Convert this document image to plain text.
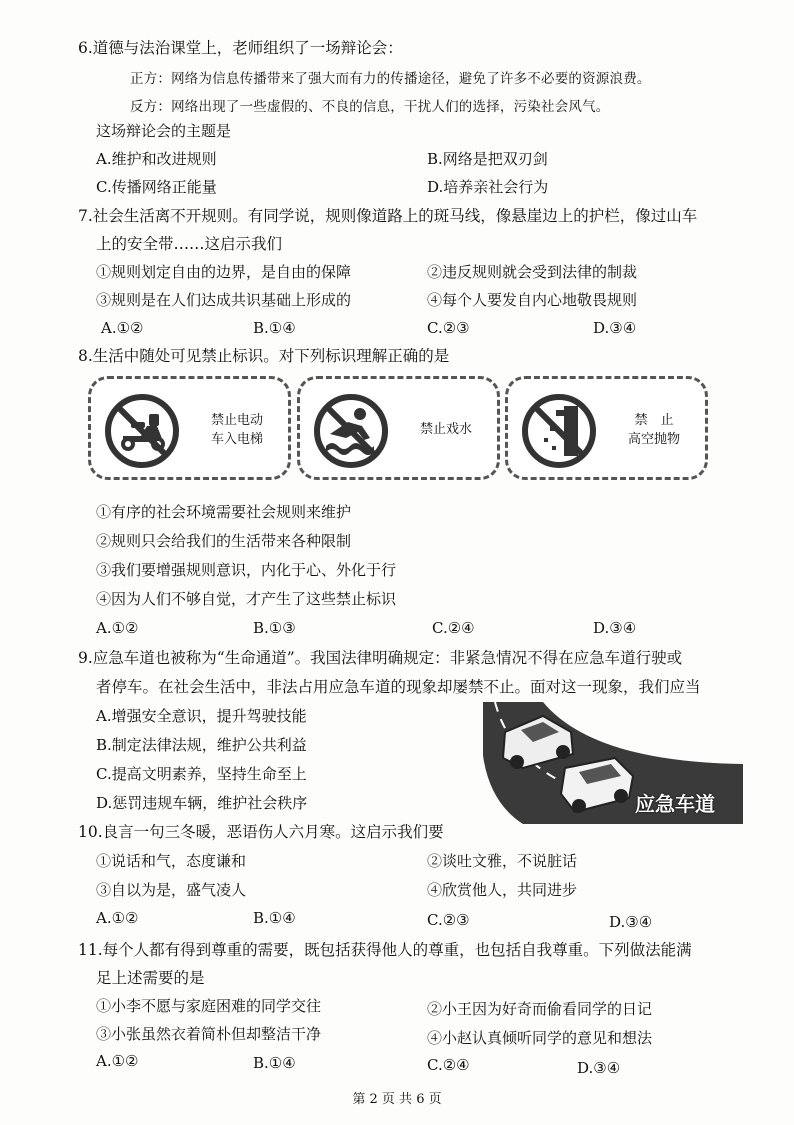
6.道德与法治课堂上，老师组织了一场辩论会：
正方：网络为信息传播带来了强大而有力的传播途径，避免了许多不必要的资源浪费。
反方：网络出现了一些虚假的、不良的信息，干扰人们的选择，污染社会风气。
这场辩论会的主题是
A.维护和改进规则	B.网络是把双刃剑
C.传播网络正能量	D.培养亲社会行为
7.社会生活离不开规则。有同学说，规则像道路上的斑马线，像悬崖边上的护栏，像过山车
上的安全带……这启示我们
①规则划定自由的边界，是自由的保障	②违反规则就会受到法律的制裁
③规则是在人们达成共识基础上形成的	④每个人要发自内心地敬畏规则
A.①②	B.①④	C.②③	D.③④
8.生活中随处可见禁止标识。对下列标识理解正确的是
禁止电动
车入电梯
禁止戏水
禁　止
高空抛物
①有序的社会环境需要社会规则来维护
②规则只会给我们的生活带来各种限制
③我们要增强规则意识，内化于心、外化于行
④因为人们不够自觉，才产生了这些禁止标识
A.①②	B.①③	C.②④	D.③④
9.应急车道也被称为“生命通道”。我国法律明确规定：非紧急情况不得在应急车道行驶或
者停车。在社会生活中，非法占用应急车道的现象却屡禁不止。面对这一现象，我们应当
A.增强安全意识，提升驾驶技能
B.制定法律法规，维护公共利益
C.提高文明素养，坚持生命至上
D.惩罚违规车辆，维护社会秩序	应急车道
10.良言一句三冬暖，恶语伤人六月寒。这启示我们要
①说话和气，态度谦和	②谈吐文雅，不说脏话
③自以为是，盛气凌人	④欣赏他人，共同进步
A.①②	B.①④	C.②③	D.③④
11.每个人都有得到尊重的需要，既包括获得他人的尊重，也包括自我尊重。下列做法能满
足上述需要的是
①小李不愿与家庭困难的同学交往	②小王因为好奇而偷看同学的日记
③小张虽然衣着简朴但却整洁干净	④小赵认真倾听同学的意见和想法
A.①②	B.①④	C.②④	D.③④
第 2 页 共 6 页
